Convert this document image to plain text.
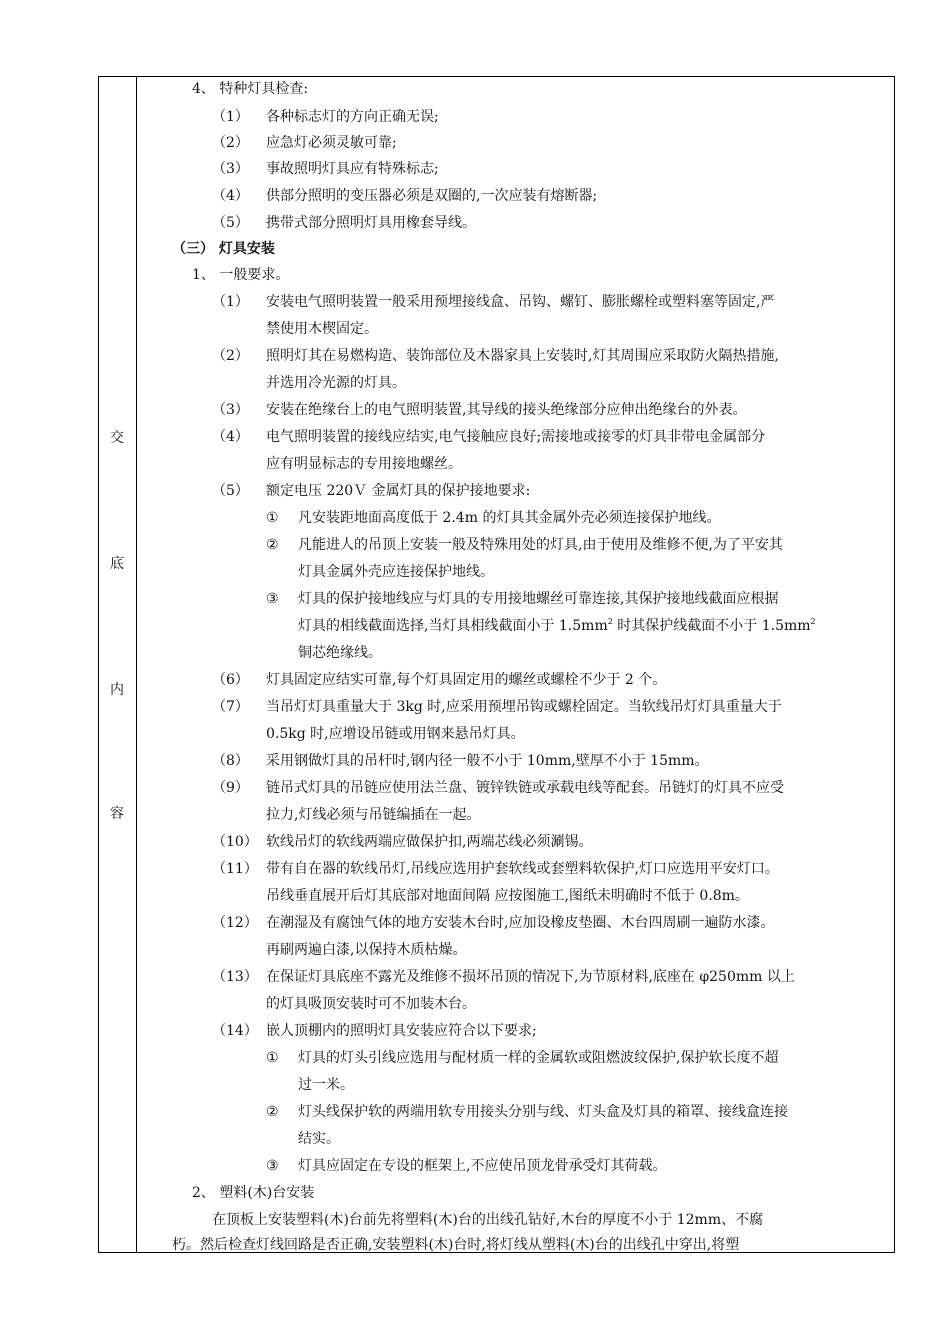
交
底
内
容
4、 特种灯具检查:
（1） 各种标志灯的方向正确无误;
（2） 应急灯必须灵敏可靠;
（3） 事故照明灯具应有特殊标志;
（4） 供部分照明的变压器必须是双圈的,一次应装有熔断器;
（5） 携带式部分照明灯具用橡套导线。
（三） 灯具安装
1、 一般要求。
（1） 安装电气照明装置一般采用预埋接线盒、吊钩、螺钉、膨胀螺栓或塑料塞等固定,严
禁使用木楔固定。
（2） 照明灯其在易燃构造、装饰部位及木器家具上安装时,灯其周围应采取防火隔热措施,
并选用冷光源的灯具。
（3） 安装在绝缘台上的电气照明装置,其导线的接头绝缘部分应伸出绝缘台的外表。
（4） 电气照明装置的接线应结实,电气接触应良好;需接地或接零的灯具非带电金属部分
应有明显标志的专用接地螺丝。
（5） 额定电压 220Ｖ 金属灯具的保护接地要求:
① 凡安装距地面高度低于 2.4m 的灯具其金属外壳必须连接保护地线。
② 凡能进人的吊顶上安装一般及特殊用处的灯具,由于使用及维修不便,为了平安其
灯具金属外壳应连接保护地线。
③ 灯具的保护接地线应与灯具的专用接地螺丝可靠连接,其保护接地线截面应根据
灯具的相线截面选择,当灯具相线截面小于 $1.5mm^2$ 时其保护线截面不小于 $1.5mm^2$
铜芯绝缘线。
（6） 灯具固定应结实可靠,每个灯具固定用的螺丝或螺栓不少于 2 个。
（7） 当吊灯灯具重量大于 3kg 时,应采用预埋吊钩或螺栓固定。当软线吊灯灯具重量大于
0.5kg 时,应增设吊链或用钢来悬吊灯具。
（8） 采用钢做灯具的吊杆时,钢内径一般不小于 10mm,壁厚不小于 15mm。
（9） 链吊式灯具的吊链应使用法兰盘、镀锌铁链或承载电线等配套。吊链灯的灯具不应受
拉力,灯线必须与吊链编插在一起。
（10） 软线吊灯的软线两端应做保护扣,两端芯线必须涮锡。
（11） 带有自在器的软线吊灯,吊线应选用护套软线或套塑料软保护,灯口应选用平安灯口。
吊线垂直展开后灯其底部对地面间隔 应按图施工,图纸未明确时不低于 0.8m。
（12） 在潮湿及有腐蚀气体的地方安装木台时,应加设橡皮垫圈、木台四周刷一遍防水漆。
再刷两遍白漆,以保持木质枯燥。
（13） 在保证灯具底座不露光及维修不损坏吊顶的情况下,为节原材料,底座在 φ250mm 以上
的灯具吸顶安装时可不加装木台。
（14） 嵌人顶棚内的照明灯具安装应符合以下要求;
① 灯具的灯头引线应选用与配材质一样的金属软或阻燃波纹保护,保护软长度不超
过一米。
② 灯头线保护软的两端用软专用接头分别与线、灯头盒及灯具的箱罩、接线盒连接
结实。
③ 灯具应固定在专设的框架上,不应使吊顶龙骨承受灯其荷载。
2、 塑料(木)台安装
在顶板上安装塑料(木)台前先将塑料(木)台的出线孔钻好,木台的厚度不小于 12mm、不腐
朽。然后检查灯线回路是否正确,安装塑料(木)台时,将灯线从塑料(木)台的出线孔中穿出,将塑
